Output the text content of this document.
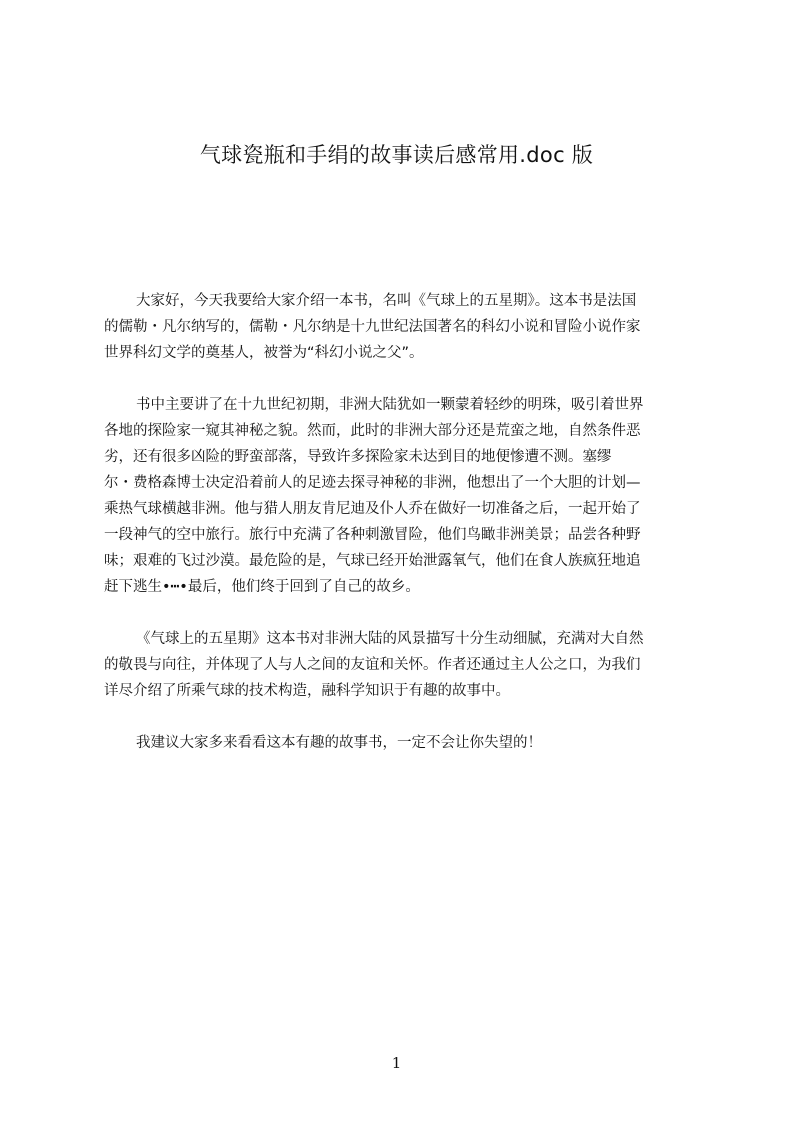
气球瓷瓶和手绢的故事读后感常用.doc 版
大家好，今天我要给大家介绍一本书，名叫《气球上的五星期》。这本书是法国
的儒勒・凡尔纳写的，儒勒・凡尔纳是十九世纪法国著名的科幻小说和冒险小说作家
世界科幻文学的奠基人，被誉为“科幻小说之父”。
书中主要讲了在十九世纪初期，非洲大陆犹如一颗蒙着轻纱的明珠，吸引着世界
各地的探险家一窥其神秘之貌。然而，此时的非洲大部分还是荒蛮之地，自然条件恶
劣，还有很多凶险的野蛮部落，导致许多探险家未达到目的地便惨遭不测。塞缪
尔・费格森博士决定沿着前人的足迹去探寻神秘的非洲，他想出了一个大胆的计划—
乘热气球横越非洲。他与猎人朋友肯尼迪及仆人乔在做好一切准备之后，一起开始了
一段神气的空中旅行。旅行中充满了各种刺激冒险，他们鸟瞰非洲美景；品尝各种野
味；艰难的飞过沙漠。最危险的是，气球已经开始泄露氧气，他们在食人族疯狂地追
赶下逃生•┅•最后，他们终于回到了自己的故乡。
《气球上的五星期》这本书对非洲大陆的风景描写十分生动细腻，充满对大自然
的敬畏与向往，并体现了人与人之间的友谊和关怀。作者还通过主人公之口，为我们
详尽介绍了所乘气球的技术构造，融科学知识于有趣的故事中。
我建议大家多来看看这本有趣的故事书，一定不会让你失望的！
1
